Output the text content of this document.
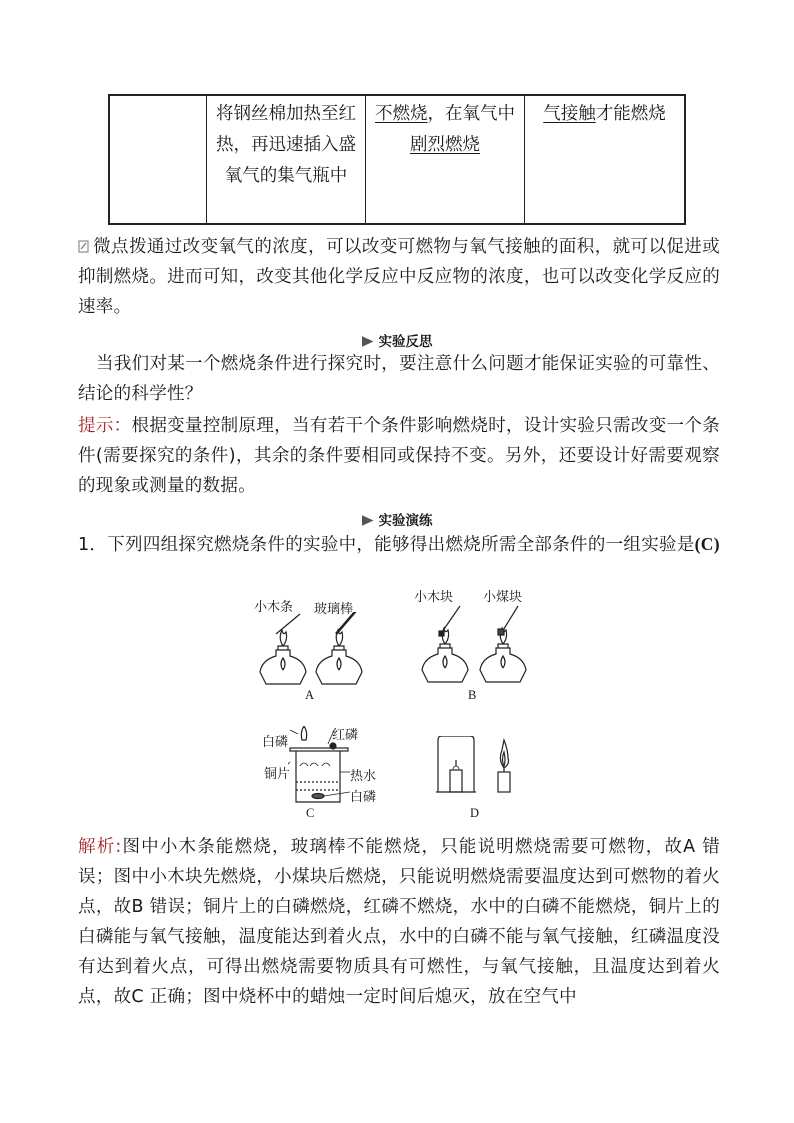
	将钢丝棉加热至红热，再迅速插入盛氧气的集气瓶中	不燃烧，在氧气中剧烈燃烧	气接触才能燃烧
微点拨通过改变氧气的浓度，可以改变可燃物与氧气接触的面积，就可以促进或抑制燃烧。进而可知，改变其他化学反应中反应物的浓度，也可以改变化学反应的速率。
实验反思
当我们对某一个燃烧条件进行探究时，要注意什么问题才能保证实验的可靠性、结论的科学性？
提示：根据变量控制原理，当有若干个条件影响燃烧时，设计实验只需改变一个条件(需要探究的条件)，其余的条件要相同或保持不变。另外，还要设计好需要观察的现象或测量的数据。
实验演练
1．下列四组探究燃烧条件的实验中，能够得出燃烧所需全部条件的一组实验是(C)
小木条 玻璃棒
A
小木块 小煤块
B
白磷	红磷
铜片	热水
白磷
C	D
解析:图中小木条能燃烧，玻璃棒不能燃烧，只能说明燃烧需要可燃物，故A 错误；图中小木块先燃烧，小煤块后燃烧，只能说明燃烧需要温度达到可燃物的着火点，故B 错误；铜片上的白磷燃烧，红磷不燃烧，水中的白磷不能燃烧，铜片上的白磷能与氧气接触，温度能达到着火点，水中的白磷不能与氧气接触，红磷温度没有达到着火点，可得出燃烧需要物质具有可燃性，与氧气接触，且温度达到着火点，故C 正确；图中烧杯中的蜡烛一定时间后熄灭，放在空气中
